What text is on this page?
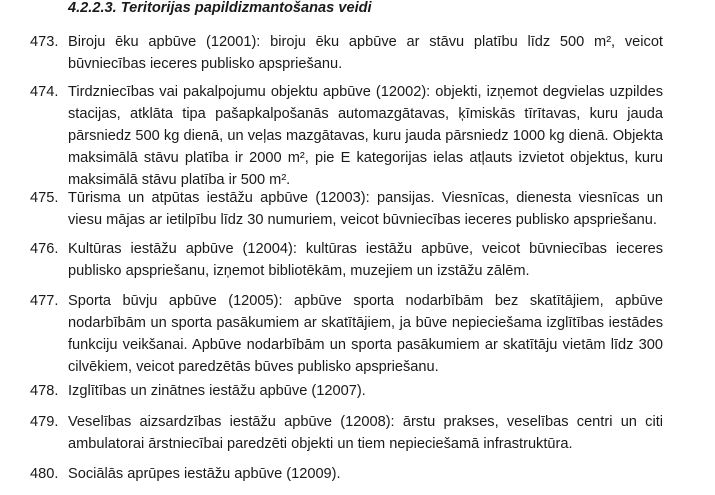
4.2.2.3. Teritorijas papildizmantošanas veidi
473. Biroju ēku apbūve (12001): biroju ēku apbūve ar stāvu platību līdz 500 m², veicot būvniecības ieceres publisko apspriešanu.
474. Tirdzniecības vai pakalpojumu objektu apbūve (12002): objekti, izņemot degvielas uzpildes stacijas, atklāta tipa pašapkalpošanās automazgātavas, ķīmiskās tīrītavas, kuru jauda pārsniedz 500 kg dienā, un veļas mazgātavas, kuru jauda pārsniedz 1000 kg dienā. Objekta maksimālā stāvu platība ir 2000 m², pie E kategorijas ielas atļauts izvietot objektus, kuru maksimālā stāvu platība ir 500 m².
475. Tūrisma un atpūtas iestāžu apbūve (12003): pansijas. Viesnīcas, dienesta viesnīcas un viesu mājas ar ietilpību līdz 30 numuriem, veicot būvniecības ieceres publisko apspriešanu.
476. Kultūras iestāžu apbūve (12004): kultūras iestāžu apbūve, veicot būvniecības ieceres publisko apspriešanu, izņemot bibliotēkām, muzejiem un izstāžu zālēm.
477. Sporta būvju apbūve (12005): apbūve sporta nodarbībām bez skatītājiem, apbūve nodarbībām un sporta pasākumiem ar skatītājiem, ja būve nepieciešama izglītības iestādes funkciju veikšanai. Apbūve nodarbībām un sporta pasākumiem ar skatītāju vietām līdz 300 cilvēkiem, veicot paredzētās būves publisko apspriešanu.
478. Izglītības un zinātnes iestāžu apbūve (12007).
479. Veselības aizsardzības iestāžu apbūve (12008): ārstu prakses, veselības centri un citi ambulatorai ārstniecībai paredzēti objekti un tiem nepieciešamā infrastruktūra.
480. Sociālās aprūpes iestāžu apbūve (12009).
